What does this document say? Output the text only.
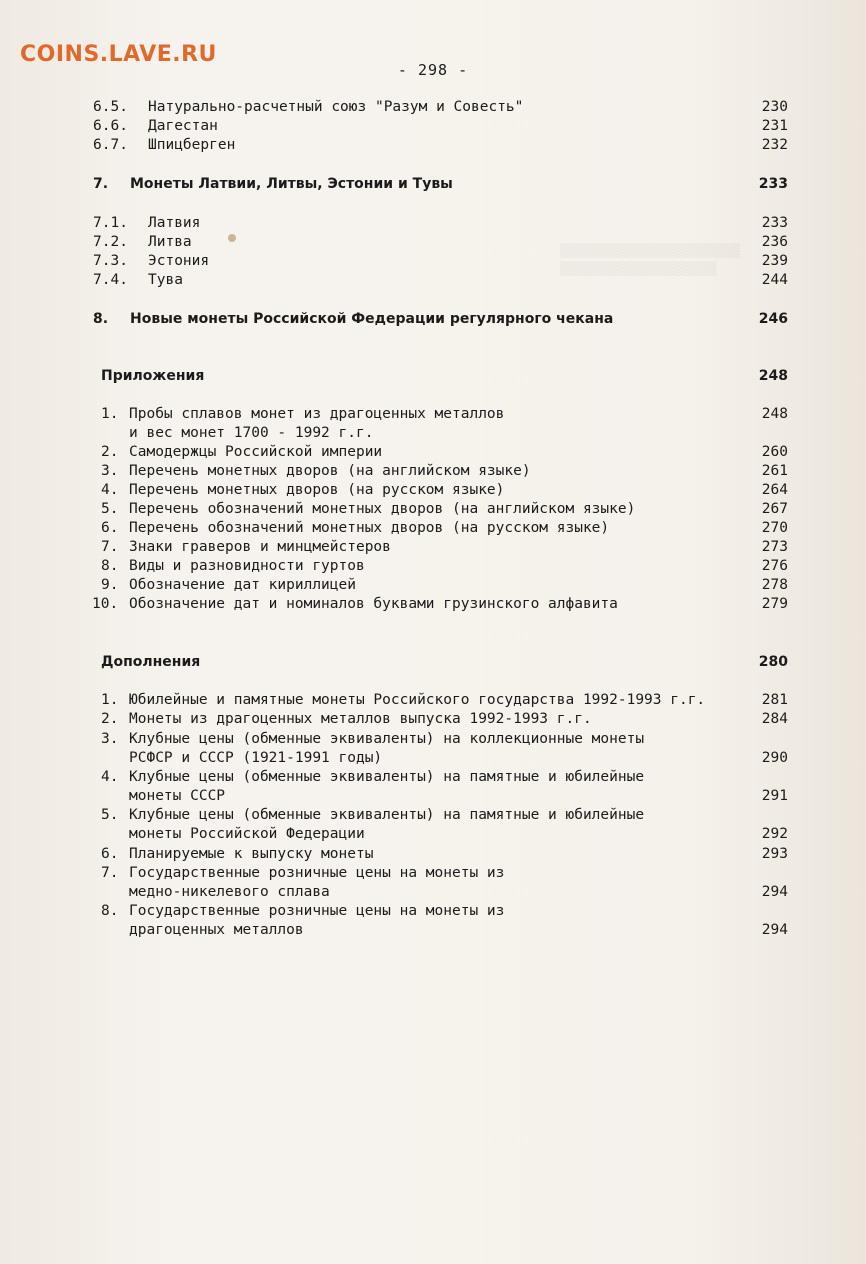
COINS.LAVE.RU
- 298 -
▒▒▒▒▒▒▒▒▒▒▒▒▒▒▒▒▒▒▒▒▒▒▒
▒▒▒▒▒▒▒▒▒▒▒▒▒▒▒▒▒▒▒▒
6.5. Натурально-расчетный союз "Разум и Совесть"	230
6.6. Дагестан	231
6.7. Шпицберген	232
7. Монеты Латвии, Литвы, Эстонии и Тувы	233
7.1. Латвия	233
7.2. Литва	236
7.3. Эстония	239
7.4. Тува	244
8. Новые монеты Российской Федерации регулярного чекана	246
Приложения	248
1. Пробы сплавов монет из драгоценных металлов	248
и вес монет 1700 - 1992 г.г.
2. Самодержцы Российской империи	260
3. Перечень монетных дворов (на английском языке)	261
4. Перечень монетных дворов (на русском языке)	264
5. Перечень обозначений монетных дворов (на английском языке)	267
6. Перечень обозначений монетных дворов (на русском языке)	270
7. Знаки граверов и минцмейстеров	273
8. Виды и разновидности гуртов	276
9. Обозначение дат кириллицей	278
10. Обозначение дат и номиналов буквами грузинского алфавита	279
Дополнения	280
1. Юбилейные и памятные монеты Российского государства 1992-1993 г.г.	281
2. Монеты из драгоценных металлов выпуска 1992-1993 г.г.	284
3. Клубные цены (обменные эквиваленты) на коллекционные монеты
РСФСР и СССР (1921-1991 годы)	290
4. Клубные цены (обменные эквиваленты) на памятные и юбилейные
монеты СССР	291
5. Клубные цены (обменные эквиваленты) на памятные и юбилейные
монеты Российской Федерации	292
6. Планируемые к выпуску монеты	293
7. Государственные розничные цены на монеты из
медно-никелевого сплава	294
8. Государственные розничные цены на монеты из
драгоценных металлов	294
